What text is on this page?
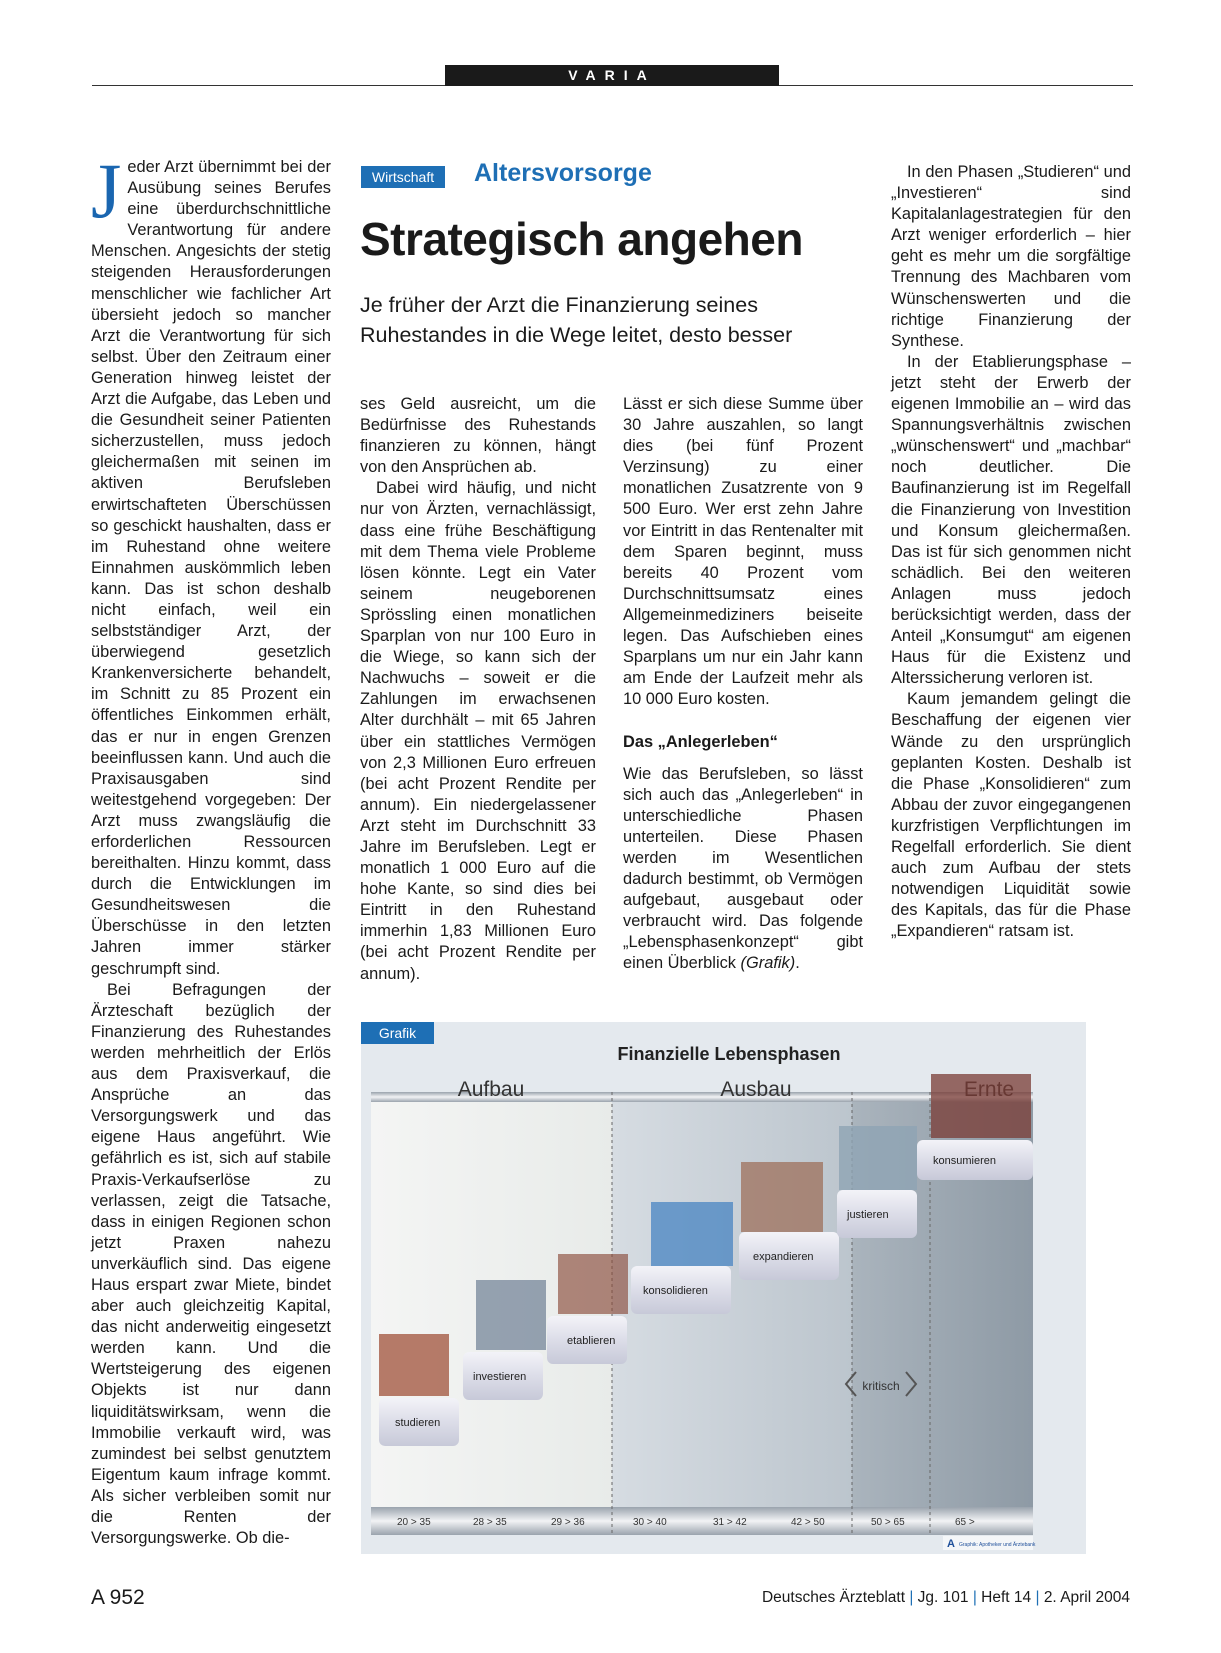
VARIA

Jeder Arzt übernimmt bei der Ausübung seines Berufes eine überdurchschnittliche Verantwortung für andere Menschen. Angesichts der stetig steigenden Herausforderungen menschlicher wie fachlicher Art übersieht jedoch so mancher Arzt die Verantwortung für sich selbst. Über den Zeitraum einer Generation hinweg leistet der Arzt die Aufgabe, das Leben und die Gesundheit seiner Patienten sicherzustellen, muss jedoch gleichermaßen mit seinen im aktiven Berufsleben erwirtschafteten Überschüssen so geschickt haushalten, dass er im Ruhestand ohne weitere Einnahmen auskömmlich leben kann. Das ist schon deshalb nicht einfach, weil ein selbstständiger Arzt, der überwiegend gesetzlich Krankenversicherte behandelt, im Schnitt zu 85 Prozent ein öffentliches Einkommen erhält, das er nur in engen Grenzen beeinflussen kann. Und auch die Praxisausgaben sind weitestgehend vorgegeben: Der Arzt muss zwangsläufig die erforderlichen Ressourcen bereithalten. Hinzu kommt, dass durch die Entwicklungen im Gesundheitswesen die Überschüsse in den letzten Jahren immer stärker geschrumpft sind.

Bei Befragungen der Ärzteschaft bezüglich der Finanzierung des Ruhestandes werden mehrheitlich der Erlös aus dem Praxisverkauf, die Ansprüche an das Versorgungswerk und das eigene Haus angeführt. Wie gefährlich es ist, sich auf stabile Praxis-Verkaufserlöse zu verlassen, zeigt die Tatsache, dass in einigen Regionen schon jetzt Praxen nahezu unverkäuflich sind. Das eigene Haus erspart zwar Miete, bindet aber auch gleichzeitig Kapital, das nicht anderweitig eingesetzt werden kann. Und die Wertsteigerung des eigenen Objekts ist nur dann liquiditätswirksam, wenn die Immobilie verkauft wird, was zumindest bei selbst genutztem Eigentum kaum infrage kommt. Als sicher verbleiben somit nur die Renten der Versorgungswerke. Ob die-

Wirtschaft	Altersvorsorge
Strategisch angehen
Je früher der Arzt die Finanzierung seines Ruhestandes in die Wege leitet, desto besser

ses Geld ausreicht, um die Bedürfnisse des Ruhestands finanzieren zu können, hängt von den Ansprüchen ab.

Dabei wird häufig, und nicht nur von Ärzten, vernachlässigt, dass eine frühe Beschäftigung mit dem Thema viele Probleme lösen könnte. Legt ein Vater seinem neugeborenen Sprössling einen monatlichen Sparplan von nur 100 Euro in die Wiege, so kann sich der Nachwuchs – soweit er die Zahlungen im erwachsenen Alter durchhält – mit 65 Jahren über ein stattliches Vermögen von 2,3 Millionen Euro erfreuen (bei acht Prozent Rendite per annum). Ein niedergelassener Arzt steht im Durchschnitt 33 Jahre im Berufsleben. Legt er monatlich 1 000 Euro auf die hohe Kante, so sind dies bei Eintritt in den Ruhestand immerhin 1,83 Millionen Euro (bei acht Prozent Rendite per annum).

Lässt er sich diese Summe über 30 Jahre auszahlen, so langt dies (bei fünf Prozent Verzinsung) zu einer monatlichen Zusatzrente von 9 500 Euro. Wer erst zehn Jahre vor Eintritt in das Rentenalter mit dem Sparen beginnt, muss bereits 40 Prozent vom Durchschnittsumsatz eines Allgemeinmediziners beiseite legen. Das Aufschieben eines Sparplans um nur ein Jahr kann am Ende der Laufzeit mehr als 10 000 Euro kosten.

Das „Anlegerleben“

Wie das Berufsleben, so lässt sich auch das „Anlegerleben“ in unterschiedliche Phasen unterteilen. Diese Phasen werden im Wesentlichen dadurch bestimmt, ob Vermögen aufgebaut, ausgebaut oder verbraucht wird. Das folgende „Lebensphasenkonzept“ gibt einen Überblick (Grafik).

In den Phasen „Studieren“ und „Investieren“ sind Kapitalanlagestrategien für den Arzt weniger erforderlich – hier geht es mehr um die sorgfältige Trennung des Machbaren vom Wünschenswerten und die richtige Finanzierung der Synthese.

In der Etablierungsphase – jetzt steht der Erwerb der eigenen Immobilie an – wird das Spannungsverhältnis zwischen „wünschenswert“ und „machbar“ noch deutlicher. Die Baufinanzierung ist im Regelfall die Finanzierung von Investition und Konsum gleichermaßen. Das ist für sich genommen nicht schädlich. Bei den weiteren Anlagen muss jedoch berücksichtigt werden, dass der Anteil „Konsumgut“ am eigenen Haus für die Existenz und Alterssicherung verloren ist.

Kaum jemandem gelingt die Beschaffung der eigenen vier Wände zu den ursprünglich geplanten Kosten. Deshalb ist die Phase „Konsolidieren“ zum Abbau der zuvor eingegangenen kurzfristigen Verpflichtungen im Regelfall erforderlich. Sie dient auch zum Aufbau der stets notwendigen Liquidität sowie des Kapitals, das für die Phase „Expandieren“ ratsam ist.

Finanzielle Lebensphasen
Aufbau	Ausbau
studieren
investieren
etablieren
konsolidieren
expandieren
justieren
konsumieren
kritisch
20 > 35	28 > 35	29 > 36	30 > 40	31 > 42	42 > 50	50 > 65	65 >
A Graphik: Apotheker und Ärztebank
Grafik
A 952	Deutsches Ärzteblatt | Jg. 101 | Heft 14 | 2. April 2004
